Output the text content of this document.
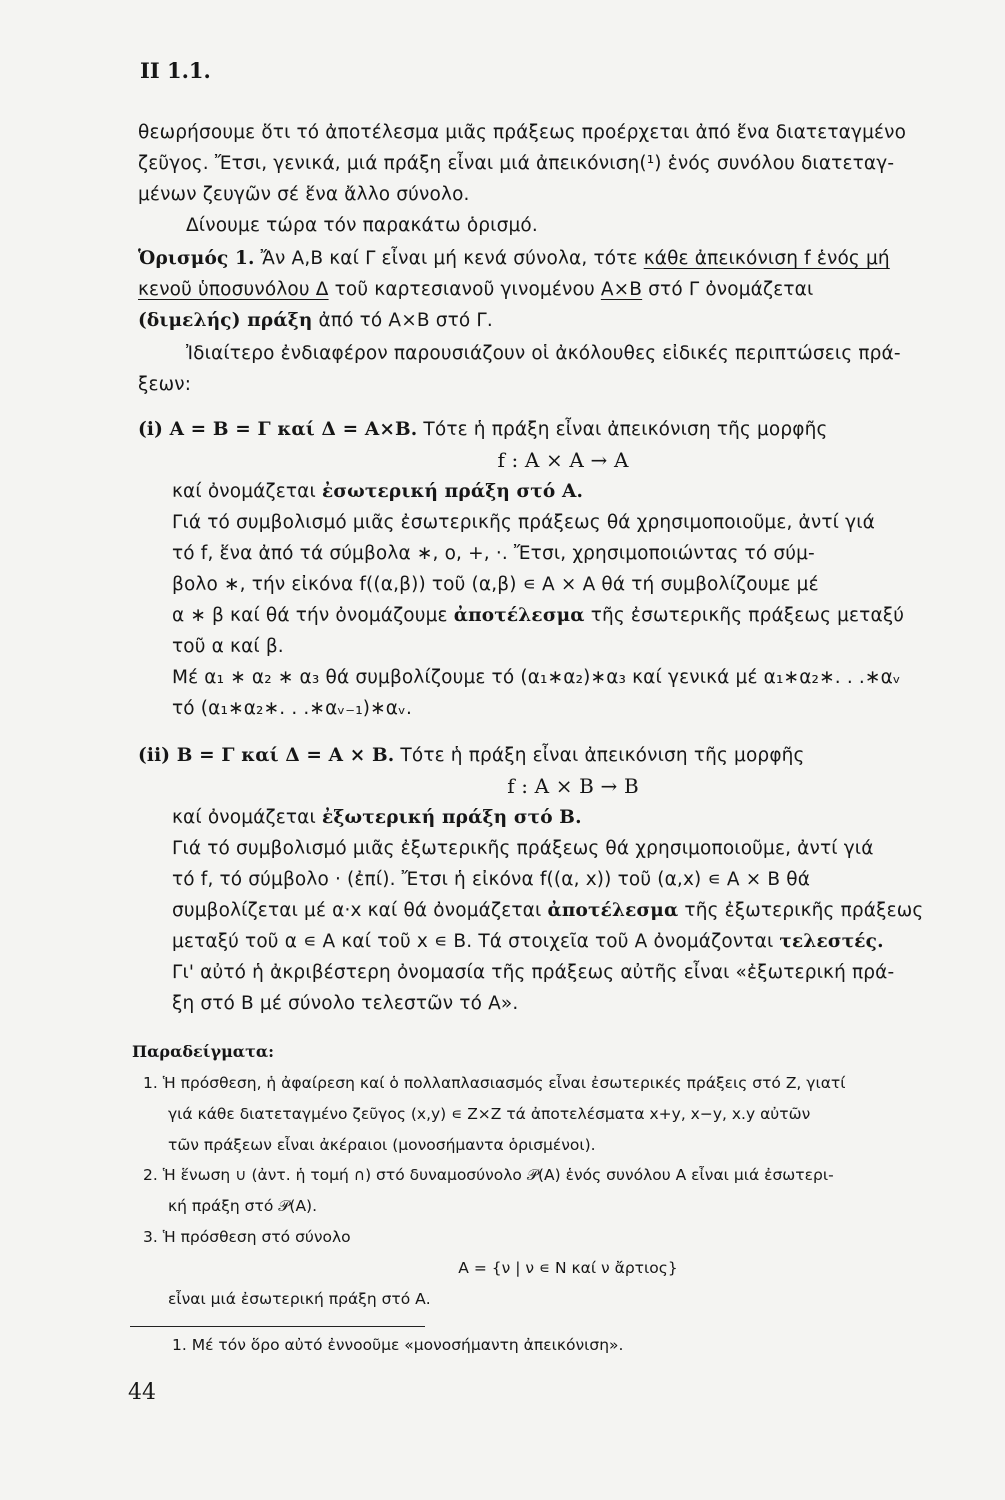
II 1.1.
θεωρήσουμε ὅτι τό ἀποτέλεσμα μιᾶς πράξεως προέρχεται ἀπό ἕνα διατεταγμένο
ζεῦγος. Ἔτσι, γενικά, μιά πράξη εἶναι μιά ἀπεικόνιση(¹) ἑνός συνόλου διατεταγ-
μένων ζευγῶν σέ ἕνα ἄλλο σύνολο.
Δίνουμε τώρα τόν παρακάτω ὁρισμό.
Ὁρισμός 1. Ἄν Α,Β καί Γ εἶναι μή κενά σύνολα, τότε κάθε ἀπεικόνιση f ἑνός μή
κενοῦ ὑποσυνόλου Δ τοῦ καρτεσιανοῦ γινομένου Α×Β στό Γ ὀνομάζεται
(διμελής) πράξη ἀπό τό Α×Β στό Γ.
Ἰδιαίτερο ἐνδιαφέρον παρουσιάζουν οἱ ἀκόλουθες εἰδικές περιπτώσεις πρά-
ξεων:
(i) Α = Β = Γ καί Δ = Α×Β. Τότε ἡ πράξη εἶναι ἀπεικόνιση τῆς μορφῆς
f : Α × Α → Α
καί ὀνομάζεται ἐσωτερική πράξη στό Α.
Γιά τό συμβολισμό μιᾶς ἐσωτερικῆς πράξεως θά χρησιμοποιοῦμε, ἀντί γιά
τό f, ἕνα ἀπό τά σύμβολα ∗, ο, +, ·. Ἔτσι, χρησιμοποιώντας τό σύμ-
βολο ∗, τήν εἰκόνα f((α,β)) τοῦ (α,β) ∊ Α × Α θά τή συμβολίζουμε μέ
α ∗ β καί θά τήν ὀνομάζουμε ἀποτέλεσμα τῆς ἐσωτερικῆς πράξεως μεταξύ
τοῦ α καί β.
Μέ α₁ ∗ α₂ ∗ α₃ θά συμβολίζουμε τό (α₁∗α₂)∗α₃ καί γενικά μέ α₁∗α₂∗. . .∗αᵥ
τό (α₁∗α₂∗. . .∗αᵥ₋₁)∗αᵥ.
(ii) Β = Γ καί Δ = Α × Β. Τότε ἡ πράξη εἶναι ἀπεικόνιση τῆς μορφῆς
f : Α × Β → Β
καί ὀνομάζεται ἐξωτερική πράξη στό Β.
Γιά τό συμβολισμό μιᾶς ἐξωτερικῆς πράξεως θά χρησιμοποιοῦμε, ἀντί γιά
τό f, τό σύμβολο · (ἐπί). Ἔτσι ἡ εἰκόνα f((α, x)) τοῦ (α,x) ∊ Α × Β θά
συμβολίζεται μέ α·x καί θά ὀνομάζεται ἀποτέλεσμα τῆς ἐξωτερικῆς πράξεως
μεταξύ τοῦ α ∊ Α καί τοῦ x ∊ Β. Τά στοιχεῖα τοῦ Α ὀνομάζονται τελεστές.
Γι' αὐτό ἡ ἀκριβέστερη ὀνομασία τῆς πράξεως αὐτῆς εἶναι «ἐξωτερική πρά-
ξη στό Β μέ σύνολο τελεστῶν τό Α».
Παραδείγματα:
1. Ἡ πρόσθεση, ἡ ἀφαίρεση καί ὁ πολλαπλασιασμός εἶναι ἐσωτερικές πράξεις στό Z, γιατί
γιά κάθε διατεταγμένο ζεῦγος (x,y) ∊ Z×Z τά ἀποτελέσματα x+y, x−y, x.y αὐτῶν
τῶν πράξεων εἶναι ἀκέραιοι (μονοσήμαντα ὁρισμένοι).
2. Ἡ ἕνωση ∪ (ἀντ. ἡ τομή ∩) στό δυναμοσύνολο 𝒫(Α) ἑνός συνόλου Α εἶναι μιά ἐσωτερι-
κή πράξη στό 𝒫(Α).
3. Ἡ πρόσθεση στό σύνολο
Α = {ν | ν ∊ N καί ν ἄρτιος}
εἶναι μιά ἐσωτερική πράξη στό Α.
1. Μέ τόν ὅρο αὐτό ἐννοοῦμε «μονοσήμαντη ἀπεικόνιση».
44
